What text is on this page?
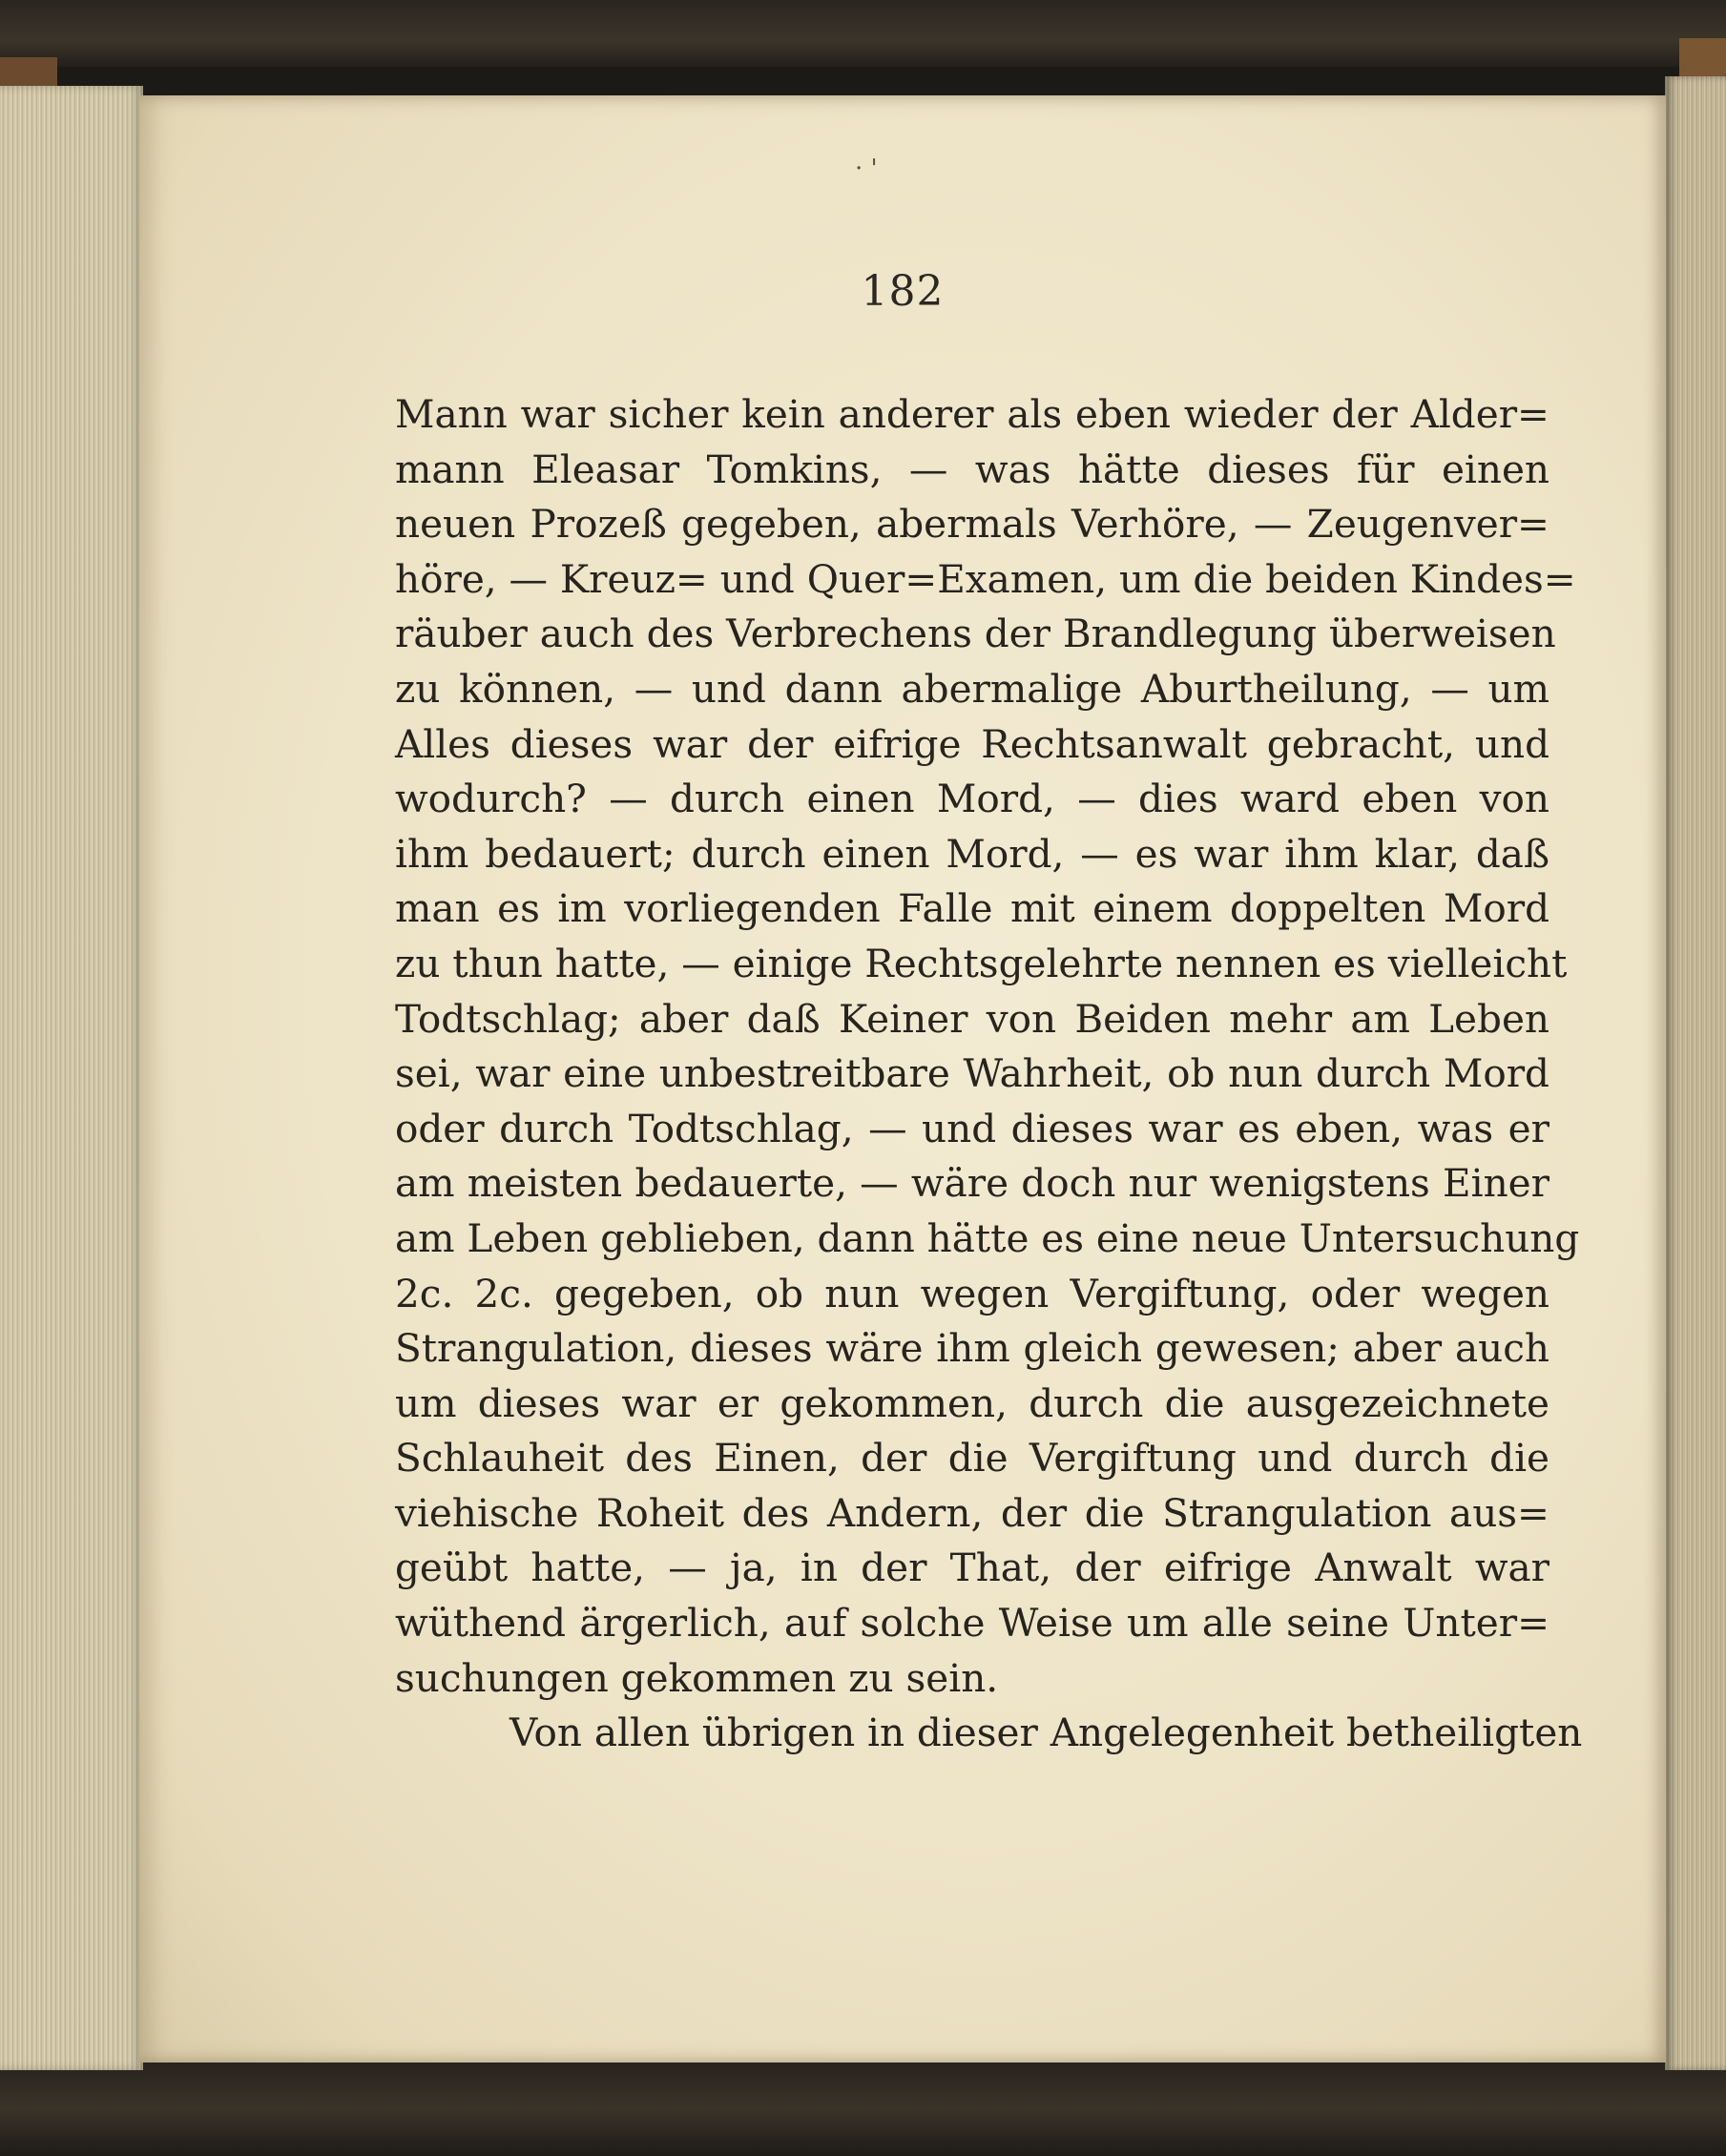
· '
182
Mann war sicher kein anderer als eben wieder der Alder=
mann Eleasar Tomkins, — was hätte dieses für einen
neuen Prozeß gegeben, abermals Verhöre, — Zeugenver=
höre, — Kreuz= und Quer=Examen, um die beiden Kindes=
räuber auch des Verbrechens der Brandlegung überweisen
zu können, — und dann abermalige Aburtheilung, — um
Alles dieses war der eifrige Rechtsanwalt gebracht, und
wodurch? — durch einen Mord, — dies ward eben von
ihm bedauert; durch einen Mord, — es war ihm klar, daß
man es im vorliegenden Falle mit einem doppelten Mord
zu thun hatte, — einige Rechtsgelehrte nennen es vielleicht
Todtschlag; aber daß Keiner von Beiden mehr am Leben
sei, war eine unbestreitbare Wahrheit, ob nun durch Mord
oder durch Todtschlag, — und dieses war es eben, was er
am meisten bedauerte, — wäre doch nur wenigstens Einer
am Leben geblieben, dann hätte es eine neue Untersuchung
2c. 2c. gegeben, ob nun wegen Vergiftung, oder wegen
Strangulation, dieses wäre ihm gleich gewesen; aber auch
um dieses war er gekommen, durch die ausgezeichnete
Schlauheit des Einen, der die Vergiftung und durch die
viehische Roheit des Andern, der die Strangulation aus=
geübt hatte, — ja, in der That, der eifrige Anwalt war
wüthend ärgerlich, auf solche Weise um alle seine Unter=
suchungen gekommen zu sein.
Von allen übrigen in dieser Angelegenheit betheiligten
